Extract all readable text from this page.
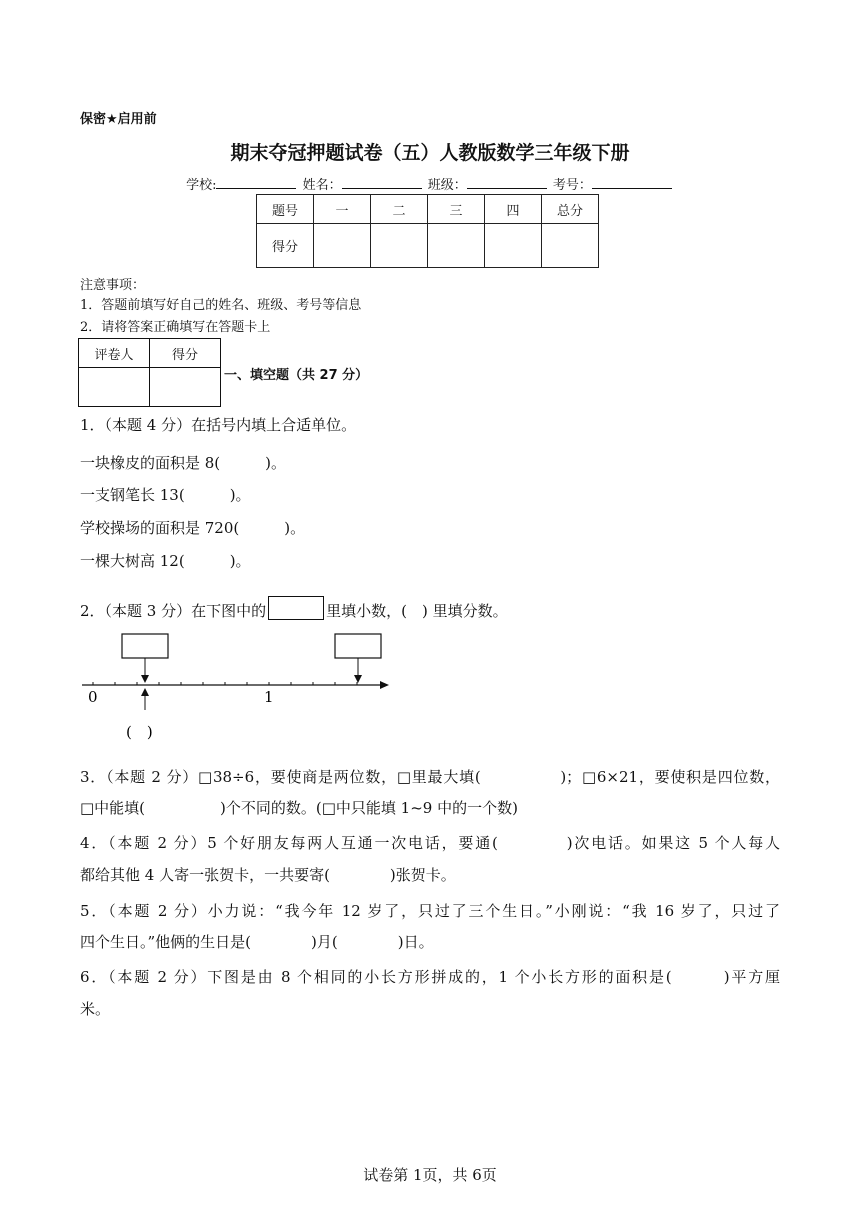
保密★启用前
期末夺冠押题试卷（五）人教版数学三年级下册
学校:	姓名：	班级：	考号：
题号	一	二	三	四	总分
得分					
注意事项：
1．答题前填写好自己的姓名、班级、考号等信息
2．请将答案正确填写在答题卡上
评卷人	得分

一、填空题（共 27 分）
1．（本题 4 分）在括号内填上合适单位。
一块橡皮的面积是 8(　　　)。
一支钢笔长 13(　　　)。
学校操场的面积是 720(　　　)。
一棵大树高 12(　　　)。
2．（本题 3 分）在下图中的	里填小数，(　) 里填分数。
0	1
(　)
3．（本题 2 分）□38÷6，要使商是两位数，□里最大填(　　　　　)；□6×21，要使积是四位数，
□中能填(　　　　　)个不同的数。(□中只能填 1~9 中的一个数)
4．（本题 2 分）5 个好朋友每两人互通一次电话，要通(　　　　)次电话。如果这 5 个人每人
都给其他 4 人寄一张贺卡，一共要寄(　　　　)张贺卡。
5．（本题 2 分）小力说：“我今年 12 岁了，只过了三个生日。”小刚说：“我 16 岁了，只过了
四个生日。”他俩的生日是(　　　　)月(　　　　)日。
6．（本题 2 分）下图是由 8 个相同的小长方形拼成的，1 个小长方形的面积是(　　　)平方厘
米。
试卷第 1页，共 6页
